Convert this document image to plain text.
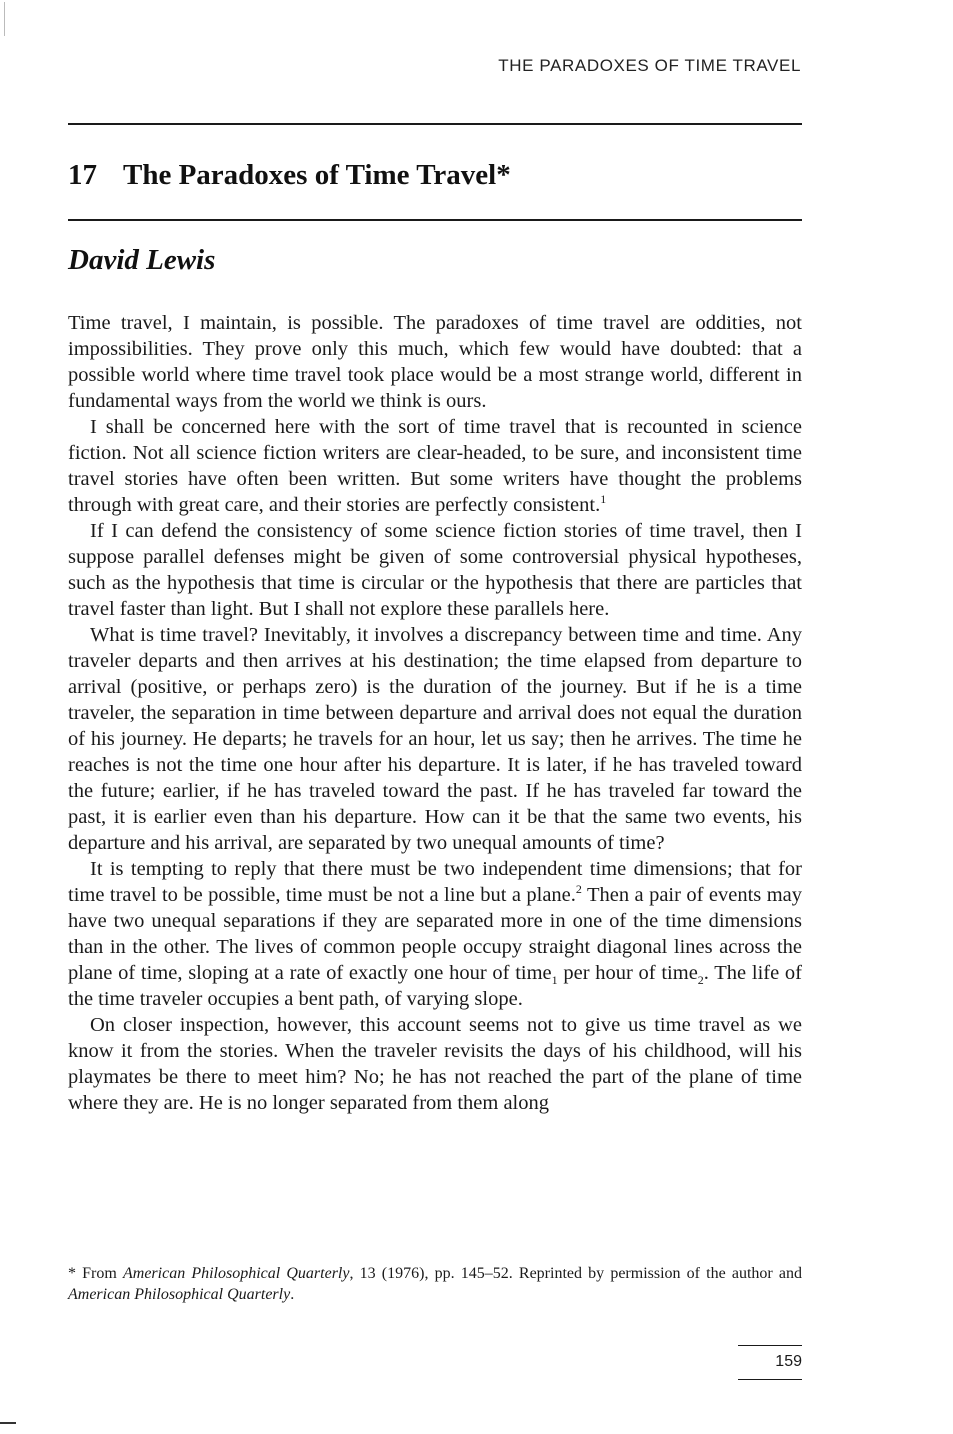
THE PARADOXES OF TIME TRAVEL
17 The Paradoxes of Time Travel*
David Lewis

Time travel, I maintain, is possible. The paradoxes of time travel are oddities, not impossibilities. They prove only this much, which few would have doubted: that a possible world where time travel took place would be a most strange world, different in fundamental ways from the world we think is ours.

I shall be concerned here with the sort of time travel that is recounted in science fiction. Not all science fiction writers are clear-headed, to be sure, and inconsistent time travel stories have often been written. But some writers have thought the problems through with great care, and their stories are perfectly consistent.$^1$

If I can defend the consistency of some science fiction stories of time travel, then I suppose parallel defenses might be given of some controversial physical hypotheses, such as the hypothesis that time is circular or the hypothesis that there are particles that travel faster than light. But I shall not explore these parallels here.

What is time travel? Inevitably, it involves a discrepancy between time and time. Any traveler departs and then arrives at his destination; the time elapsed from departure to arrival (positive, or perhaps zero) is the duration of the journey. But if he is a time traveler, the separation in time between departure and arrival does not equal the duration of his journey. He departs; he travels for an hour, let us say; then he arrives. The time he reaches is not the time one hour after his departure. It is later, if he has traveled toward the future; earlier, if he has traveled toward the past. If he has traveled far toward the past, it is earlier even than his departure. How can it be that the same two events, his departure and his arrival, are separated by two unequal amounts of time?

It is tempting to reply that there must be two independent time dimensions; that for time travel to be possible, time must be not a line but a plane.$^2$ Then a pair of events may have two unequal separations if they are separated more in one of the time dimensions than in the other. The lives of common people occupy straight diagonal lines across the plane of time, sloping at a rate of exactly one hour of time$_1$ per hour of time$_2$. The life of the time traveler occupies a bent path, of varying slope.

On closer inspection, however, this account seems not to give us time travel as we know it from the stories. When the traveler revisits the days of his childhood, will his playmates be there to meet him? No; he has not reached the part of the plane of time where they are. He is no longer separated from them along

* From American Philosophical Quarterly, 13 (1976), pp. 145–52. Reprinted by permission of the author and American Philosophical Quarterly.
159
